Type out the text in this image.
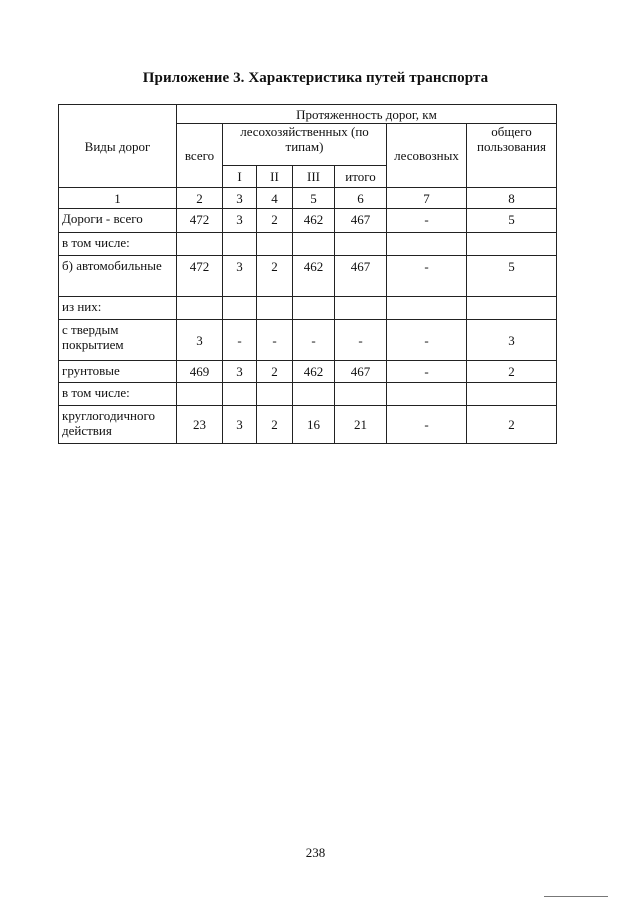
Приложение 3. Характеристика путей транспорта
Виды дорог	Протяженность дорог, км						
	всего	лесохозяйственных (по типам)				лесовозных	общего пользования
		I	II	III	итого		
1	2	3	4	5	6	7	8
Дороги - всего	472	3	2	462	467	-	5
в том числе:							
б) автомобильные	472	3	2	462	467	-	5
из них:							
с твердым покрытием	3	-	-	-	-	-	3
грунтовые	469	3	2	462	467	-	2
в том числе:							
круглогодичного действия	23	3	2	16	21	-	2
238
